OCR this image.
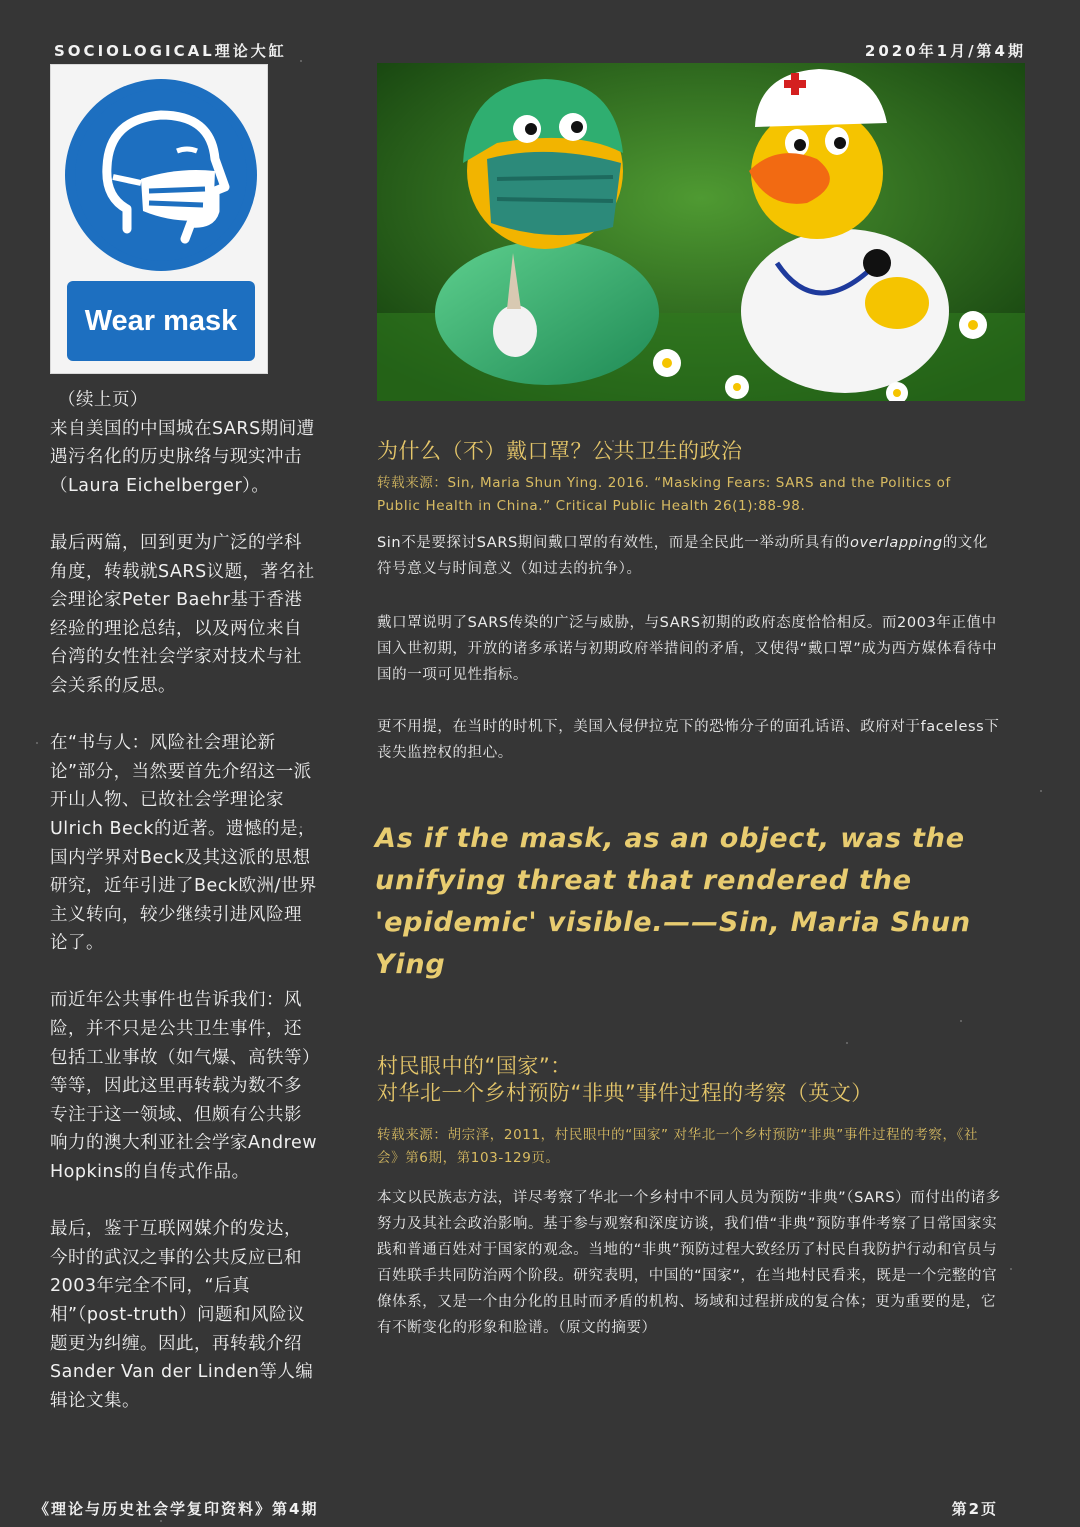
SOCIOLOGICAL理论大缸	2020年1月/第4期
Wear mask

（续上页）

来自美国的中国城在SARS期间遭遇污名化的历史脉络与现实冲击（Laura Eichelberger）。

最后两篇，回到更为广泛的学科角度，转载就SARS议题，著名社会理论家Peter Baehr基于香港经验的理论总结，以及两位来自台湾的女性社会学家对技术与社会关系的反思。

在“书与人：风险社会理论新论”部分，当然要首先介绍这一派开山人物、已故社会学理论家Ulrich Beck的近著。遗憾的是，国内学界对Beck及其这派的思想研究，近年引进了Beck欧洲/世界主义转向，较少继续引进风险理论了。

而近年公共事件也告诉我们：风险，并不只是公共卫生事件，还包括工业事故（如气爆、高铁等）等等，因此这里再转载为数不多专注于这一领域、但颇有公共影响力的澳大利亚社会学家Andrew Hopkins的自传式作品。

最后，鉴于互联网媒介的发达，今时的武汉之事的公共反应已和2003年完全不同，“后真相”（post-truth）问题和风险议题更为纠缠。因此，再转载介绍Sander Van der Linden等人编辑论文集。

为什么（不）戴口罩？公共卫生的政治

转载来源：Sin, Maria Shun Ying. 2016. “Masking Fears: SARS and the Politics of Public Health in China.” Critical Public Health 26(1):88-98.

Sin不是要探讨SARS期间戴口罩的有效性，而是全民此一举动所具有的overlapping的文化符号意义与时间意义（如过去的抗争）。

戴口罩说明了SARS传染的广泛与威胁，与SARS初期的政府态度恰恰相反。而2003年正值中国入世初期，开放的诸多承诺与初期政府举措间的矛盾，又使得“戴口罩”成为西方媒体看待中国的一项可见性指标。

更不用提，在当时的时机下，美国入侵伊拉克下的恐怖分子的面孔话语、政府对于faceless下丧失监控权的担心。

As if the mask, as an object, was the unifying threat that rendered the 'epidemic' visible.——Sin, Maria Shun Ying

村民眼中的“国家”：
对华北一个乡村预防“非典”事件过程的考察（英文）

转载来源：胡宗泽，2011，村民眼中的“国家” 对华北一个乡村预防“非典”事件过程的考察，《社会》第6期，第103-129页。

本文以民族志方法，详尽考察了华北一个乡村中不同人员为预防“非典”（SARS）而付出的诸多努力及其社会政治影响。基于参与观察和深度访谈，我们借“非典”预防事件考察了日常国家实践和普通百姓对于国家的观念。当地的“非典”预防过程大致经历了村民自我防护行动和官员与百姓联手共同防治两个阶段。研究表明，中国的“国家”，在当地村民看来，既是一个完整的官僚体系，又是一个由分化的且时而矛盾的机构、场域和过程拼成的复合体；更为重要的是，它有不断变化的形象和脸谱。（原文的摘要）

《理论与历史社会学复印资料》第4期	第2页
